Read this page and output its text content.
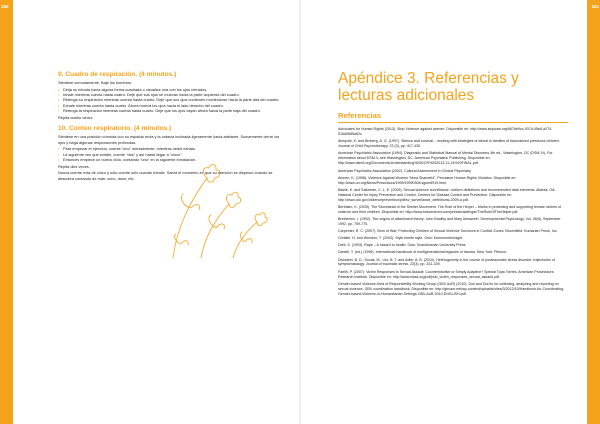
180
participación
181
apéndice
9. Cuadro de respiración. (4 minutos.)

Siéntese cómodamente. Baje los hombros.

• Dirija su mirada hacia alguna forma cuadrada o visualice una con los ojos cerrados.
• Inhale mientras cuenta hasta cuatro. Deje que sus ojos se muevan hacia la parte izquierda del cuadro.
• Retenga su respiración mientras cuenta hasta cuatro. Deje que sus ojos continúen moviéndose hacia la parte alta del cuadro.
• Exhale mientras cuenta hasta cuatro. Ahora mueva los ojos hacia el lado derecho del cuadro.
• Retenga la respiración mientras cuenta hasta cuatro. Deje que los ojos vayan ahora hacia la parte baja del cuadro.

Repita cuatro veces.

10. Conteo respiratorio. (4 minutos.)

Siéntese en una posición cómoda con su espalda recta y la cabeza inclinada ligeramente hacia adelante. Suavemente cierre los ojos y haga algunas respiraciones profundas.

• Para empezar el ejercicio, cuente “uno” mentalmente, mientras usted exhala.
• La siguiente vez que exhale, cuente “dos” y así hasta llegar a “cinco”.
• Entonces empiece un nuevo ciclo, contando “uno” en la siguiente exhalación.

Repita diez veces.

Nunca cuente más de cinco y sólo cuente sólo cuando exhale. Sabrá el momento en que su atención se dispersó cuando se descubra contando de más: ocho, doce, etc.

Apéndice 3. Referencias y lecturas adicionales
Referencias

Advocates for Human Rights (2013). Stop Violence against women. Disponible en: http://www.stopvaw.org/667bb9cc-937d-45e8-a274-516d0685a62c.

Almqvist, K. and Broberg, A. G. (1997). Silence and survival – working with strategies of denial in families of traumatized preschool children. Journal of Child Psychotherapy, 23 (3), pp. 417-435.

American Psychiatric Association (1994). Diagnostic and Statistical Manual of Mental Disorders 4th ed., Washington, DC (DSM-IV). For information about DSM-V, see Washington, DC: American Psychiatric Publishing. Disponible en: http://www.dsm5.org/Documents/Understanding%20DCR%202013-11-14%20FINAL.pdf.

American Psychiatric Association (2002). Cultural Assessment in Clinical Psychiatry.

Amnen, K. (1998). Violence Against Women “Most Shameful”, Pervasive Human Rights Violation. Disponible en: http://www.un.org/News/Press/docs/1999/19990308.sgsm6919.html.

Basile, K. and Saltzman, C. L. E. (2009). Sexual violence surveillance: uniform definitions and recommended data elements. Atlanta, GA: National Center for Injury Prevention and Control, Centers for Disease Control and Prevention. Disponible en: http://www.cdc.gov/violenceprevention/pdf/sv_surveillance_definitionsl-2009-a.pdf.

Berthiam, K. (2005). The Secretariat of the Shelter Movement. The Role of the Helper – Marks in protecting and supporting female victims of violence and their children. Disponible en: http://www.kriscentrum.com/presseraddingar/TheRoleOfTheHelper.pdf.

Bretherton, I. (1992). The origins of attachment theory: John Bowlby and Mary Ainsworth. Developmental Psychology, Vol. 28(5), September 1992, pp. 759-775.

Carpenter, R. C. (2007). Born of War: Protecting Children of Sexual Violence Survivors in Conflict Zones. Bloomfield: Kumarian Press, Inc.

Christie, H. and Weedon, T. (2003). Style meets style. Oslo: Kommuneforlaget.

Dahl, S. (1993). Rape – A hazard to health. Oslo: Scandinavian University Press.

Danieli, Y. (ed.) (1998). International handbook of multigenerational legacies of trauma. New York: Plenum.

Dickstein, B. D., Suvak, M., Litz, B. T. and Adler, A. B. (2010). Heterogeneity in the course of posttraumatic stress disorder: trajectories of symptomatology. Journal of traumatic stress, 23(3), pp. 331-339.

Faelih, P. (2007). Victim Responses to Sexual Assault: Counterintuitive or Simply Adaptive? Special Topic Series, American Prosecutors Research Institute. Disponible en: http://www.ndaa.org/pdf/pub_victim_responses_sexual_assault.pdf.

Gender-based Violence Area of Responsibility Working Group (GBV AoR) (2010). Dos and Don’ts for collecting, analyzing and reporting on sexual violence. GBV coordination handbook. Disponible en: http://gbvaor.net/wp-content/uploads/sites/3/2012/10/Handbook-for-Coordinating-Gender-based-Violence-in-Humanitarian-Settings-GBV-AoR-2010-ENGLISH.pdf.
